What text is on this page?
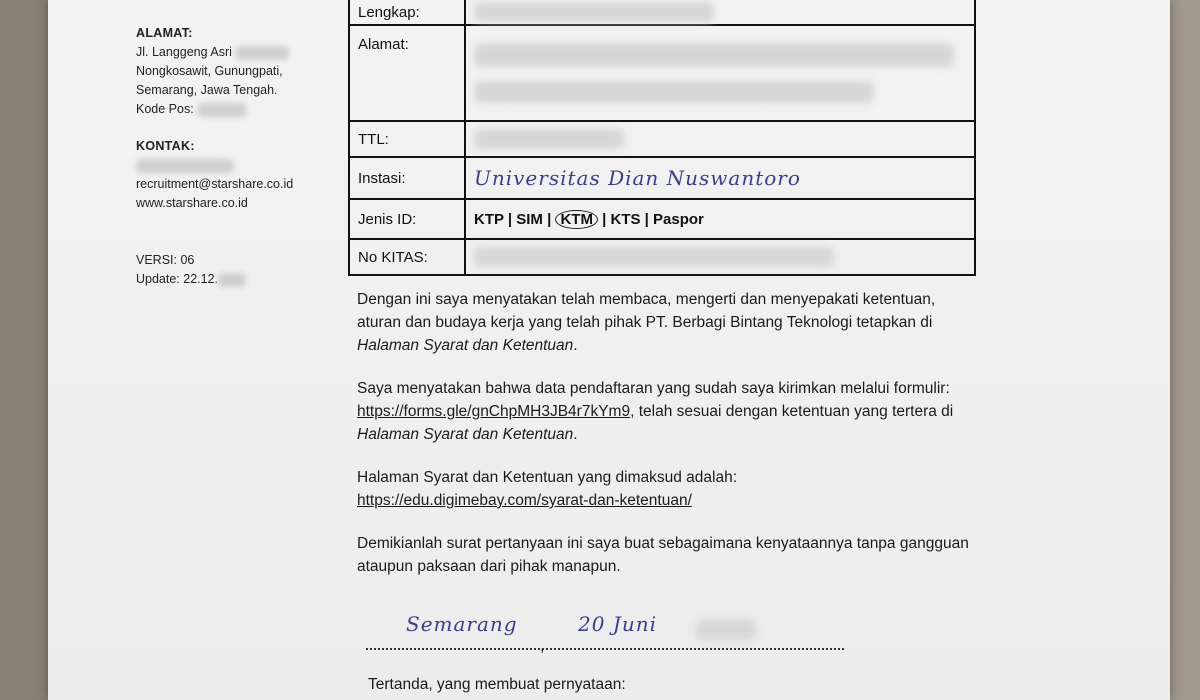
ALAMAT:

Jl. Langgeng Asri

Nongkosawit, Gunungpati,

Semarang, Jawa Tengah.

Kode Pos:

KONTAK:

recruitment@starshare.co.id

www.starshare.co.id

VERSI: 06

Update: 22.12.

Lengkap:	

Alamat:	

TTL:	

Instasi:	Universitas Dian Nuswantoro
Jenis ID:	KTP | SIM | KTM | KTS | Paspor
No KITAS:	

Dengan ini saya menyatakan telah membaca, mengerti dan menyepakati ketentuan, aturan dan budaya kerja yang telah pihak PT. Berbagi Bintang Teknologi tetapkan di Halaman Syarat dan Ketentuan.

Saya menyatakan bahwa data pendaftaran yang sudah saya kirimkan melalui formulir: https://forms.gle/gnChpMH3JB4r7kYm9, telah sesuai dengan ketentuan yang tertera di Halaman Syarat dan Ketentuan.

Halaman Syarat dan Ketentuan yang dimaksud adalah:
https://edu.digimebay.com/syarat-dan-ketentuan/

Demikianlah surat pertanyaan ini saya buat sebagaimana kenyataannya tanpa gangguan ataupun paksaan dari pihak manapun.

Semarang
,
20 Juni
Tertanda, yang membuat pernyataan:
